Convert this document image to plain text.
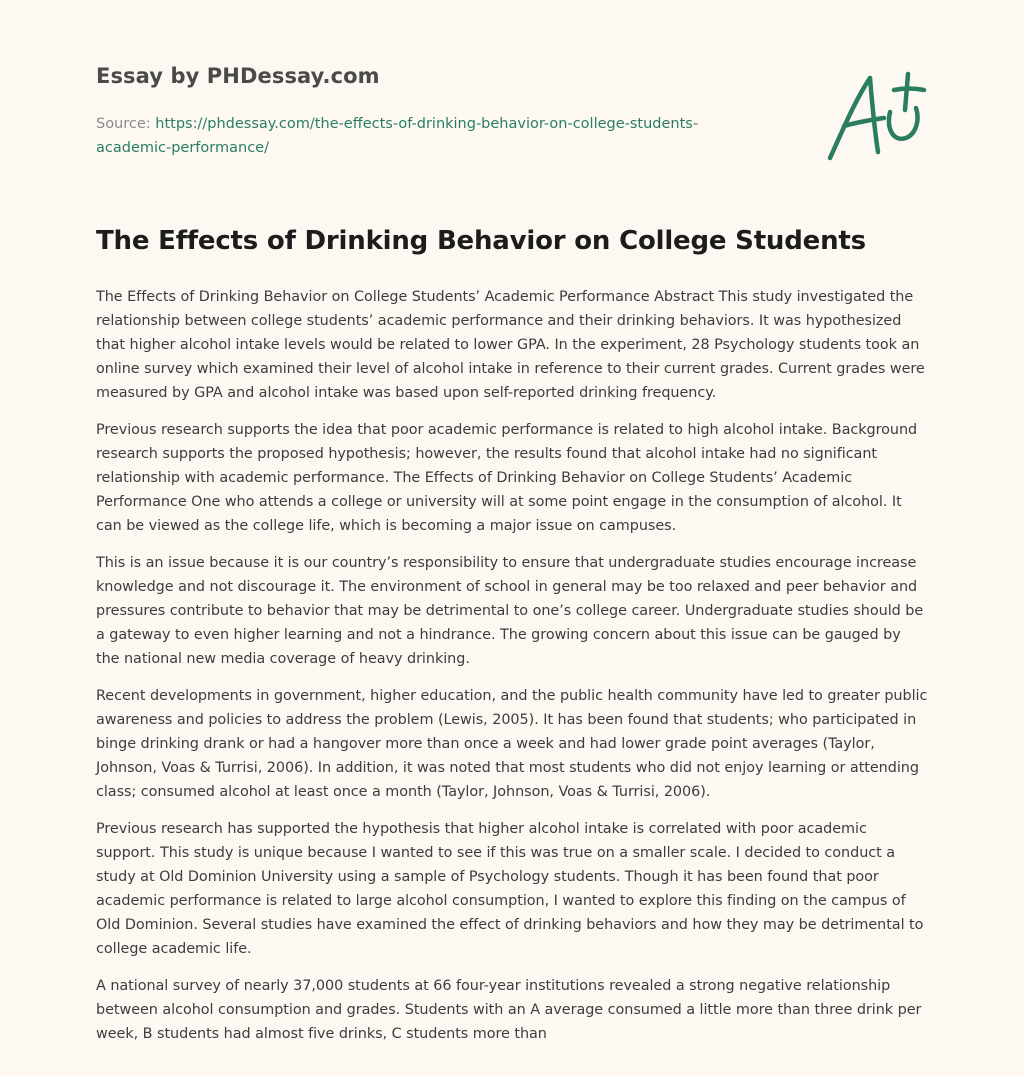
Essay by PHDessay.com

Source: https://phdessay.com/the-effects-of-drinking-behavior-on-college-students-academic-performance/

The Effects of Drinking Behavior on College Students

The Effects of Drinking Behavior on College Students’ Academic Performance Abstract This study investigated the relationship between college students’ academic performance and their drinking behaviors. It was hypothesized that higher alcohol intake levels would be related to lower GPA. In the experiment, 28 Psychology students took an online survey which examined their level of alcohol intake in reference to their current grades. Current grades were measured by GPA and alcohol intake was based upon self-reported drinking frequency.

Previous research supports the idea that poor academic performance is related to high alcohol intake. Background research supports the proposed hypothesis; however, the results found that alcohol intake had no significant relationship with academic performance. The Effects of Drinking Behavior on College Students’ Academic Performance One who attends a college or university will at some point engage in the consumption of alcohol. It can be viewed as the college life, which is becoming a major issue on campuses.

This is an issue because it is our country’s responsibility to ensure that undergraduate studies encourage increase knowledge and not discourage it. The environment of school in general may be too relaxed and peer behavior and pressures contribute to behavior that may be detrimental to one’s college career. Undergraduate studies should be a gateway to even higher learning and not a hindrance. The growing concern about this issue can be gauged by the national new media coverage of heavy drinking.

Recent developments in government, higher education, and the public health community have led to greater public awareness and policies to address the problem (Lewis, 2005). It has been found that students; who participated in binge drinking drank or had a hangover more than once a week and had lower grade point averages (Taylor, Johnson, Voas & Turrisi, 2006). In addition, it was noted that most students who did not enjoy learning or attending class; consumed alcohol at least once a month (Taylor, Johnson, Voas & Turrisi, 2006).

Previous research has supported the hypothesis that higher alcohol intake is correlated with poor academic support. This study is unique because I wanted to see if this was true on a smaller scale. I decided to conduct a study at Old Dominion University using a sample of Psychology students. Though it has been found that poor academic performance is related to large alcohol consumption, I wanted to explore this finding on the campus of Old Dominion. Several studies have examined the effect of drinking behaviors and how they may be detrimental to college academic life.

A national survey of nearly 37,000 students at 66 four-year institutions revealed a strong negative relationship between alcohol consumption and grades. Students with an A average consumed a little more than three drink per week, B students had almost five drinks, C students more than
